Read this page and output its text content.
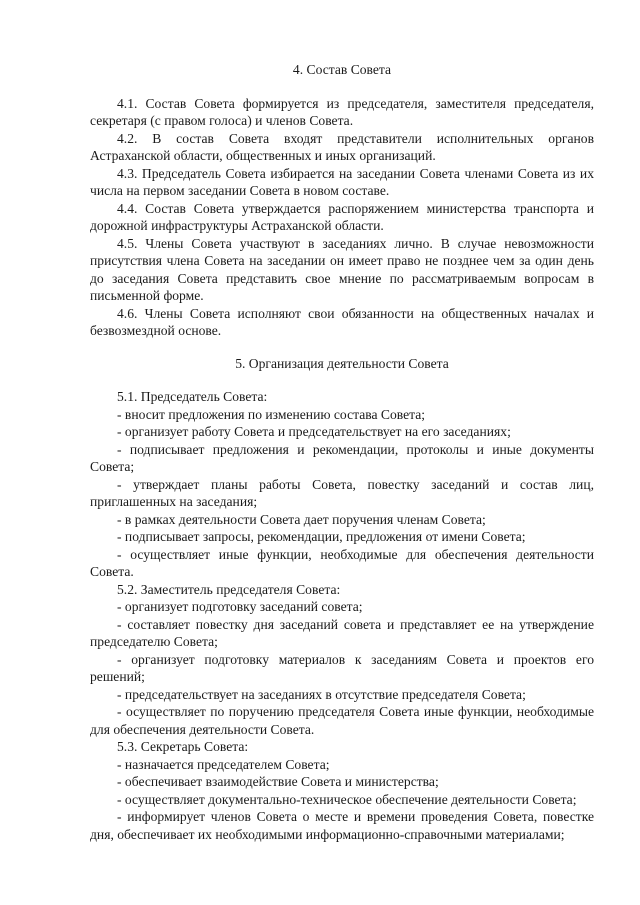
4. Состав Совета

4.1. Состав Совета формируется из председателя, заместителя председателя, секретаря (с правом голоса) и членов Совета.

4.2. В состав Совета входят представители исполнительных органов Астраханской области, общественных и иных организаций.

4.3. Председатель Совета избирается на заседании Совета членами Совета из их числа на первом заседании Совета в новом составе.

4.4. Состав Совета утверждается распоряжением министерства транспорта и дорожной инфраструктуры Астраханской области.

4.5. Члены Совета участвуют в заседаниях лично. В случае невозможности присутствия члена Совета на заседании он имеет право не позднее чем за один день до заседания Совета представить свое мнение по рассматриваемым вопросам в письменной форме.

4.6. Члены Совета исполняют свои обязанности на общественных началах и безвозмездной основе.

5. Организация деятельности Совета

5.1. Председатель Совета:

- вносит предложения по изменению состава Совета;

- организует работу Совета и председательствует на его заседаниях;

- подписывает предложения и рекомендации, протоколы и иные документы Совета;

- утверждает планы работы Совета, повестку заседаний и состав лиц, приглашенных на заседания;

- в рамках деятельности Совета дает поручения членам Совета;

- подписывает запросы, рекомендации, предложения от имени Совета;

- осуществляет иные функции, необходимые для обеспечения деятельности Совета.

5.2. Заместитель председателя Совета:

- организует подготовку заседаний совета;

- составляет повестку дня заседаний совета и представляет ее на утверждение председателю Совета;

- организует подготовку материалов к заседаниям Совета и проектов его решений;

- председательствует на заседаниях в отсутствие председателя Совета;

- осуществляет по поручению председателя Совета иные функции, необходимые для обеспечения деятельности Совета.

5.3. Секретарь Совета:

- назначается председателем Совета;

- обеспечивает взаимодействие Совета и министерства;

- осуществляет документально-техническое обеспечение деятельности Совета;

- информирует членов Совета о месте и времени проведения Совета, повестке дня, обеспечивает их необходимыми информационно-справочными материалами;
